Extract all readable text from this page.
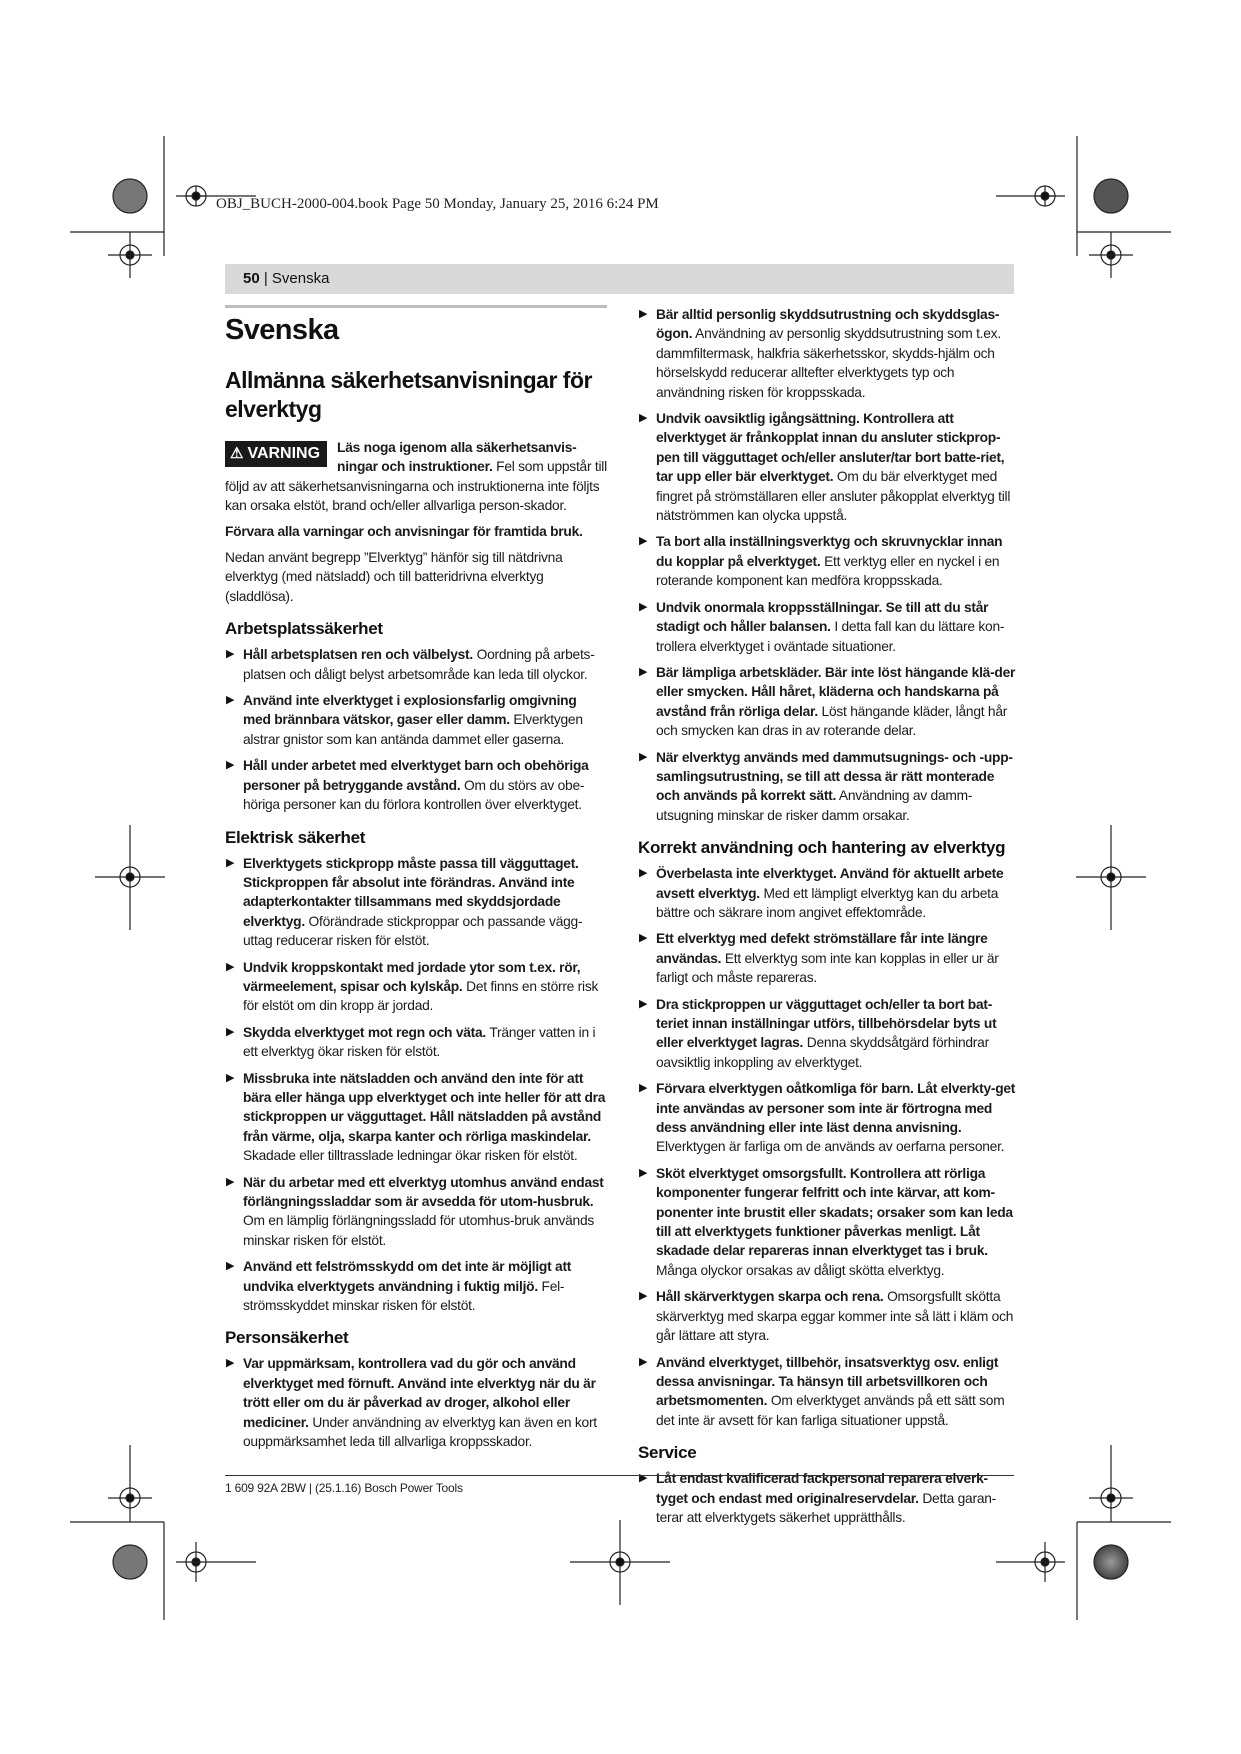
OBJ_BUCH-2000-004.book Page 50 Monday, January 25, 2016 6:24 PM
50 | Svenska
Svenska
Allmänna säkerhetsanvisningar för elverktyg
⚠ VARNING	Läs noga igenom alla säkerhetsanvis-ningar och instruktioner. Fel som uppstår till följd av att säkerhetsanvisningarna och instruktionerna inte följts kan orsaka elstöt, brand och/eller allvarliga person-skador.

Förvara alla varningar och anvisningar för framtida bruk.

Nedan använt begrepp ”Elverktyg” hänför sig till nätdrivna elverktyg (med nätsladd) och till batteridrivna elverktyg (sladdlösa).

Arbetsplatssäkerhet
▶ Håll arbetsplatsen ren och välbelyst. Oordning på arbets-platsen och dåligt belyst arbetsområde kan leda till olyckor.
▶ Använd inte elverktyget i explosionsfarlig omgivning med brännbara vätskor, gaser eller damm. Elverktygen alstrar gnistor som kan antända dammet eller gaserna.
▶ Håll under arbetet med elverktyget barn och obehöriga personer på betryggande avstånd. Om du störs av obe-höriga personer kan du förlora kontrollen över elverktyget.
Elektrisk säkerhet
▶ Elverktygets stickpropp måste passa till vägguttaget. Stickproppen får absolut inte förändras. Använd inte adapterkontakter tillsammans med skyddsjordade elverktyg. Oförändrade stickproppar och passande vägg-uttag reducerar risken för elstöt.
▶ Undvik kroppskontakt med jordade ytor som t.ex. rör, värmeelement, spisar och kylskåp. Det finns en större risk för elstöt om din kropp är jordad.
▶ Skydda elverktyget mot regn och väta. Tränger vatten in i ett elverktyg ökar risken för elstöt.
▶ Missbruka inte nätsladden och använd den inte för att bära eller hänga upp elverktyget och inte heller för att dra stickproppen ur vägguttaget. Håll nätsladden på avstånd från värme, olja, skarpa kanter och rörliga maskindelar. Skadade eller tilltrasslade ledningar ökar risken för elstöt.
▶ När du arbetar med ett elverktyg utomhus använd endast förlängningssladdar som är avsedda för utom-husbruk. Om en lämplig förlängningssladd för utomhus-bruk används minskar risken för elstöt.
▶ Använd ett felströmsskydd om det inte är möjligt att undvika elverktygets användning i fuktig miljö. Fel-strömsskyddet minskar risken för elstöt.
Personsäkerhet
▶ Var uppmärksam, kontrollera vad du gör och använd elverktyget med förnuft. Använd inte elverktyg när du är trött eller om du är påverkad av droger, alkohol eller mediciner. Under användning av elverktyg kan även en kort ouppmärksamhet leda till allvarliga kroppsskador.
▶ Bär alltid personlig skyddsutrustning och skyddsglas-ögon. Användning av personlig skyddsutrustning som t.ex. dammfiltermask, halkfria säkerhetsskor, skydds-hjälm och hörselskydd reducerar alltefter elverktygets typ och användning risken för kroppsskada.
▶ Undvik oavsiktlig igångsättning. Kontrollera att elverktyget är frånkopplat innan du ansluter stickprop-pen till vägguttaget och/eller ansluter/tar bort batte-riet, tar upp eller bär elverktyget. Om du bär elverktyget med fingret på strömställaren eller ansluter påkopplat elverktyg till nätströmmen kan olycka uppstå.
▶ Ta bort alla inställningsverktyg och skruvnycklar innan du kopplar på elverktyget. Ett verktyg eller en nyckel i en roterande komponent kan medföra kroppsskada.
▶ Undvik onormala kroppsställningar. Se till att du står stadigt och håller balansen. I detta fall kan du lättare kon-trollera elverktyget i oväntade situationer.
▶ Bär lämpliga arbetskläder. Bär inte löst hängande klä-der eller smycken. Håll håret, kläderna och handskarna på avstånd från rörliga delar. Löst hängande kläder, långt hår och smycken kan dras in av roterande delar.
▶ När elverktyg används med dammutsugnings- och -upp-samlingsutrustning, se till att dessa är rätt monterade och används på korrekt sätt. Användning av damm-utsugning minskar de risker damm orsakar.
Korrekt användning och hantering av elverktyg
▶ Överbelasta inte elverktyget. Använd för aktuellt arbete avsett elverktyg. Med ett lämpligt elverktyg kan du arbeta bättre och säkrare inom angivet effektområde.
▶ Ett elverktyg med defekt strömställare får inte längre användas. Ett elverktyg som inte kan kopplas in eller ur är farligt och måste repareras.
▶ Dra stickproppen ur vägguttaget och/eller ta bort bat-teriet innan inställningar utförs, tillbehörsdelar byts ut eller elverktyget lagras. Denna skyddsåtgärd förhindrar oavsiktlig inkoppling av elverktyget.
▶ Förvara elverktygen oåtkomliga för barn. Låt elverkty-get inte användas av personer som inte är förtrogna med dess användning eller inte läst denna anvisning. Elverktygen är farliga om de används av oerfarna personer.
▶ Sköt elverktyget omsorgsfullt. Kontrollera att rörliga komponenter fungerar felfritt och inte kärvar, att kom-ponenter inte brustit eller skadats; orsaker som kan leda till att elverktygets funktioner påverkas menligt. Låt skadade delar repareras innan elverktyget tas i bruk. Många olyckor orsakas av dåligt skötta elverktyg.
▶ Håll skärverktygen skarpa och rena. Omsorgsfullt skötta skärverktyg med skarpa eggar kommer inte så lätt i kläm och går lättare att styra.
▶ Använd elverktyget, tillbehör, insatsverktyg osv. enligt dessa anvisningar. Ta hänsyn till arbetsvillkoren och arbetsmomenten. Om elverktyget används på ett sätt som det inte är avsett för kan farliga situationer uppstå.
Service
▶ Låt endast kvalificerad fackpersonal reparera elverk-tyget och endast med originalreservdelar. Detta garan-terar att elverktygets säkerhet upprätthålls.
1 609 92A 2BW | (25.1.16) Bosch Power Tools
